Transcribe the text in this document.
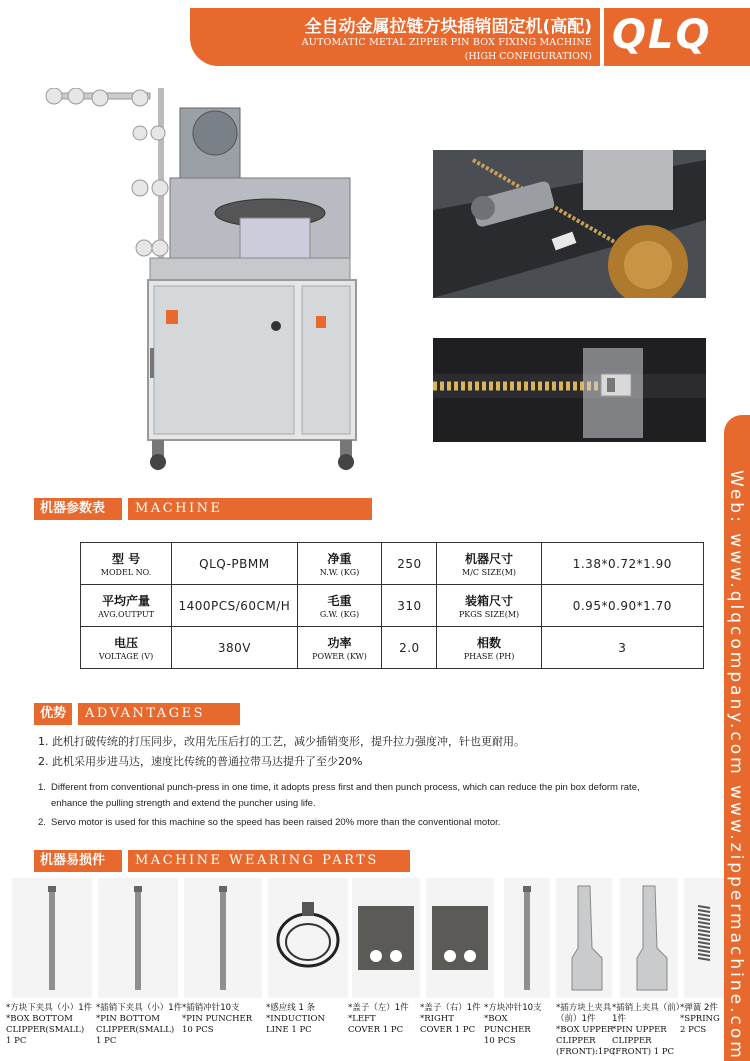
全自动金属拉链方块插销固定机(高配)
AUTOMATIC METAL ZIPPER PIN BOX FIXING MACHINE
(HIGH CONFIGURATION) QLQ
Web: www.qlqcompany.com www.zippermachine.com
机器参数表	MACHINE SPECIFICATION
型 号
MODEL NO.	QLQ-PBMM	净重
N.W. (KG)	250	机器尺寸
M/C SIZE(M)	1.38*0.72*1.90

平均产量
AVG.OUTPUT	1400PCS/60CM/H	毛重
G.W. (KG)	310	装箱尺寸
PKGS SIZE(M)	0.95*0.90*1.70

电压
VOLTAGE (V)	380V	功率
POWER (KW)	2.0	相数
PHASE (PH)	3
优势	ADVANTAGES
1. 此机打破传统的打压同步，改用先压后打的工艺，减少插销变形，提升拉力强度冲，针也更耐用。
2. 此机采用步进马达，速度比传统的普通拉带马达提升了至少20%
1. Different from conventional punch-press in one time, it adopts press first and then punch process, which can reduce the pin box deform rate,
enhance the pulling strength and extend the puncher using life.
2. Servo motor is used for this machine so the speed has been raised 20% more than the conventional motor.
机器易损件	MACHINE WEARING PARTS
*方块下夹具（小）1件
*BOX BOTTOM
CLIPPER(SMALL)
1 PC
*插销下夹具（小）1件
*PIN BOTTOM
CLIPPER(SMALL)
1 PC
*插销冲针10支
*PIN PUNCHER
10 PCS
*感应线 1 条
*INDUCTION
LINE 1 PC
*盖子（左）1件
*LEFT
COVER 1 PC
*盖子（右）1件
*RIGHT
COVER 1 PC
*方块冲针10支
*BOX PUNCHER
10 PCS
*插方块上夹具（前）1件
*BOX UPPER
CLIPPER
(FRONT):1PC
*插销上夹具（前）1件
*PIN UPPER
CLIPPER
(FRONT) 1 PC
*弹簧 2件
*SPRING
2 PCS
